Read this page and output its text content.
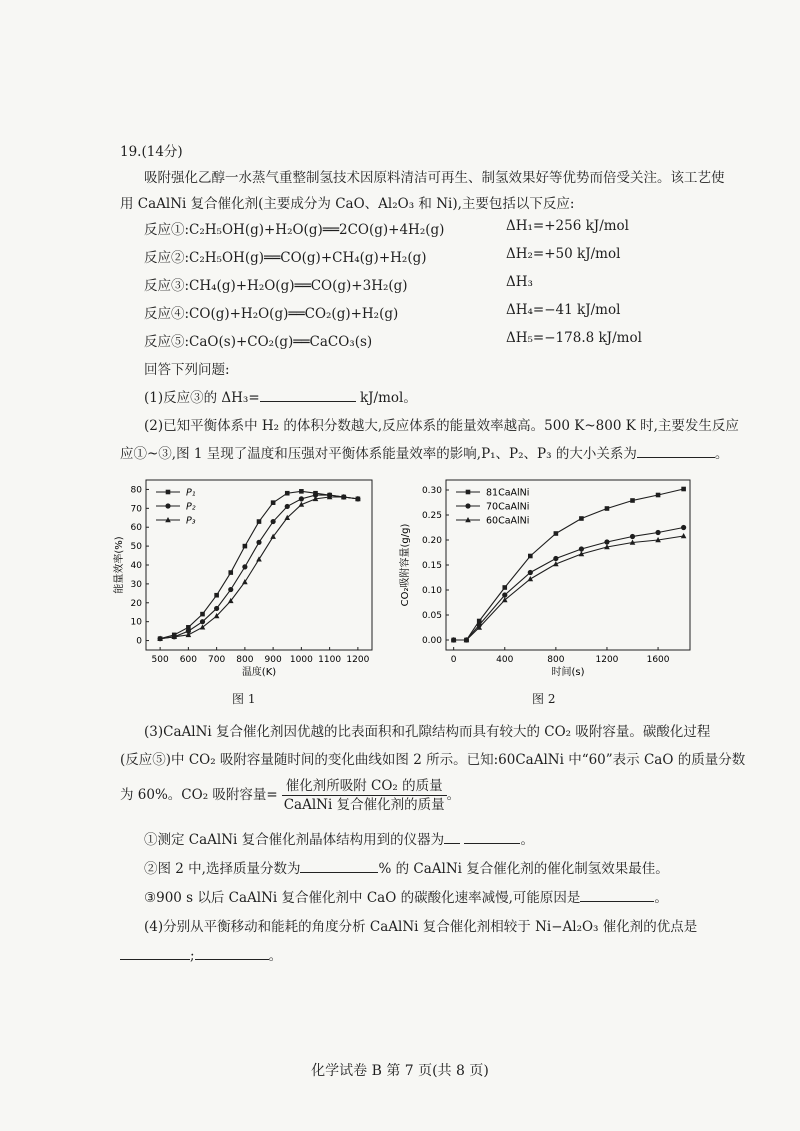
19.(14分)
吸附强化乙醇一水蒸气重整制氢技术因原料清洁可再生、制氢效果好等优势而倍受关注。该工艺使
用 CaAlNi 复合催化剂(主要成分为 CaO、Al₂O₃ 和 Ni),主要包括以下反应:
反应①:C₂H₅OH(g)+H₂O(g)══2CO(g)+4H₂(g)	ΔH₁=+256 kJ/mol
反应②:C₂H₅OH(g)══CO(g)+CH₄(g)+H₂(g)	ΔH₂=+50 kJ/mol
反应③:CH₄(g)+H₂O(g)══CO(g)+3H₂(g)	ΔH₃
反应④:CO(g)+H₂O(g)══CO₂(g)+H₂(g)	ΔH₄=−41 kJ/mol
反应⑤:CaO(s)+CO₂(g)══CaCO₃(s)	ΔH₅=−178.8 kJ/mol
回答下列问题:
(1)反应③的 ΔH₃=	kJ/mol。
(2)已知平衡体系中 H₂ 的体积分数越大,反应体系的能量效率越高。500 K~800 K 时,主要发生反应
应①~③,图 1 呈现了温度和压强对平衡体系能量效率的影响,P₁、P₂、P₃ 的大小关系为	。
500 600 700 800 900 1000 1100 1200
0
10
20
30
40
50
60
70
80
温度(K)
能量效率(%)
P₁
P₂
P₃
图 1
0	400	800	1200	1600
0.00
0.05
0.10
0.15
0.20
0.25
0.30
时间(s)
CO₂吸附容量(g/g)
81CaAlNi
70CaAlNi
60CaAlNi
图 2
(3)CaAlNi 复合催化剂因优越的比表面积和孔隙结构而具有较大的 CO₂ 吸附容量。碳酸化过程
(反应⑤)中 CO₂ 吸附容量随时间的变化曲线如图 2 所示。已知:60CaAlNi 中“60”表示 CaO 的质量分数
为 60%。CO₂ 吸附容量= $\frac{\text{催化剂所吸附 CO₂ 的质量}}{\text{CaAlNi 复合催化剂的质量}}$ 。
①测定 CaAlNi 复合催化剂晶体结构用到的仪器为	。
②图 2 中,选择质量分数为	% 的 CaAlNi 复合催化剂的催化制氢效果最佳。
③900 s 以后 CaAlNi 复合催化剂中 CaO 的碳酸化速率减慢,可能原因是	。
(4)分别从平衡移动和能耗的角度分析 CaAlNi 复合催化剂相较于 Ni−Al₂O₃ 催化剂的优点是
;	。
化学试卷 B 第 7 页(共 8 页)
